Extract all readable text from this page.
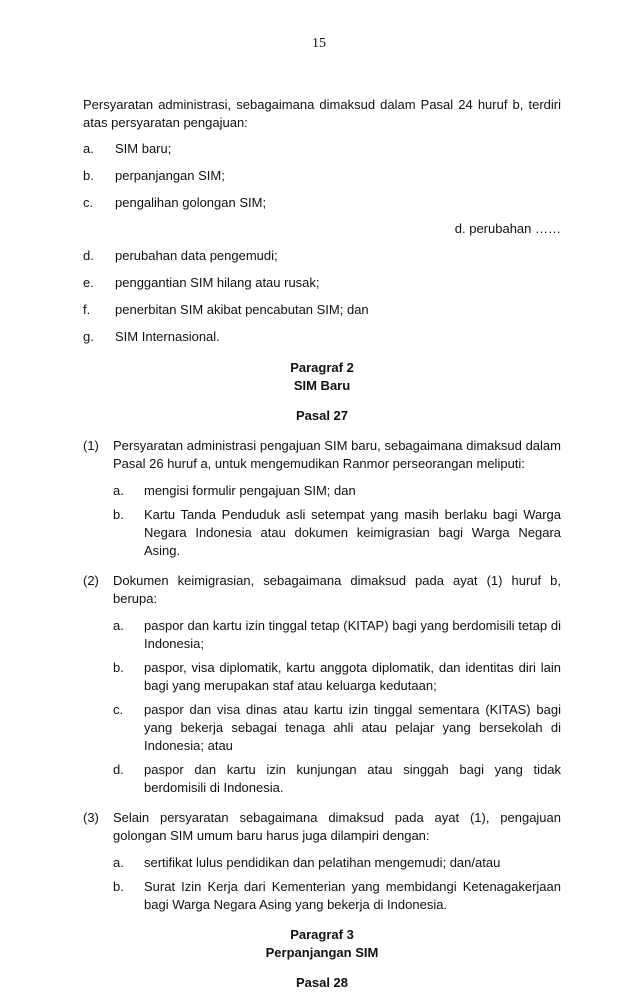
15
Persyaratan administrasi, sebagaimana dimaksud dalam Pasal 24 huruf b, terdiri atas persyaratan pengajuan:
a.	SIM baru;
b.	perpanjangan SIM;
c.	pengalihan golongan SIM;
d. perubahan ……
d.	perubahan data pengemudi;
e.	penggantian SIM hilang atau rusak;
f.	penerbitan SIM akibat pencabutan SIM; dan
g.	SIM Internasional.
Paragraf 2
SIM Baru
Pasal 27
(1)	Persyaratan administrasi pengajuan SIM baru, sebagaimana dimaksud dalam Pasal 26 huruf a, untuk mengemudikan Ranmor perseorangan meliputi:
a.	mengisi formulir pengajuan SIM; dan
b.	Kartu Tanda Penduduk asli setempat yang masih berlaku bagi Warga Negara Indonesia atau dokumen keimigrasian bagi Warga Negara Asing.
(2)	Dokumen keimigrasian, sebagaimana dimaksud pada ayat (1) huruf b, berupa:
a.	paspor dan kartu izin tinggal tetap (KITAP) bagi yang berdomisili tetap di Indonesia;
b.	paspor, visa diplomatik, kartu anggota diplomatik, dan identitas diri lain bagi yang merupakan staf atau keluarga kedutaan;
c.	paspor dan visa dinas atau kartu izin tinggal sementara (KITAS) bagi yang bekerja sebagai tenaga ahli atau pelajar yang bersekolah di Indonesia; atau
d.	paspor dan kartu izin kunjungan atau singgah bagi yang tidak berdomisili di Indonesia.
(3)	Selain persyaratan sebagaimana dimaksud pada ayat (1), pengajuan golongan SIM umum baru harus juga dilampiri dengan:
a.	sertifikat lulus pendidikan dan pelatihan mengemudi; dan/atau
b.	Surat Izin Kerja dari Kementerian yang membidangi Ketenagakerjaan bagi Warga Negara Asing yang bekerja di Indonesia.
Paragraf 3
Perpanjangan SIM
Pasal 28
